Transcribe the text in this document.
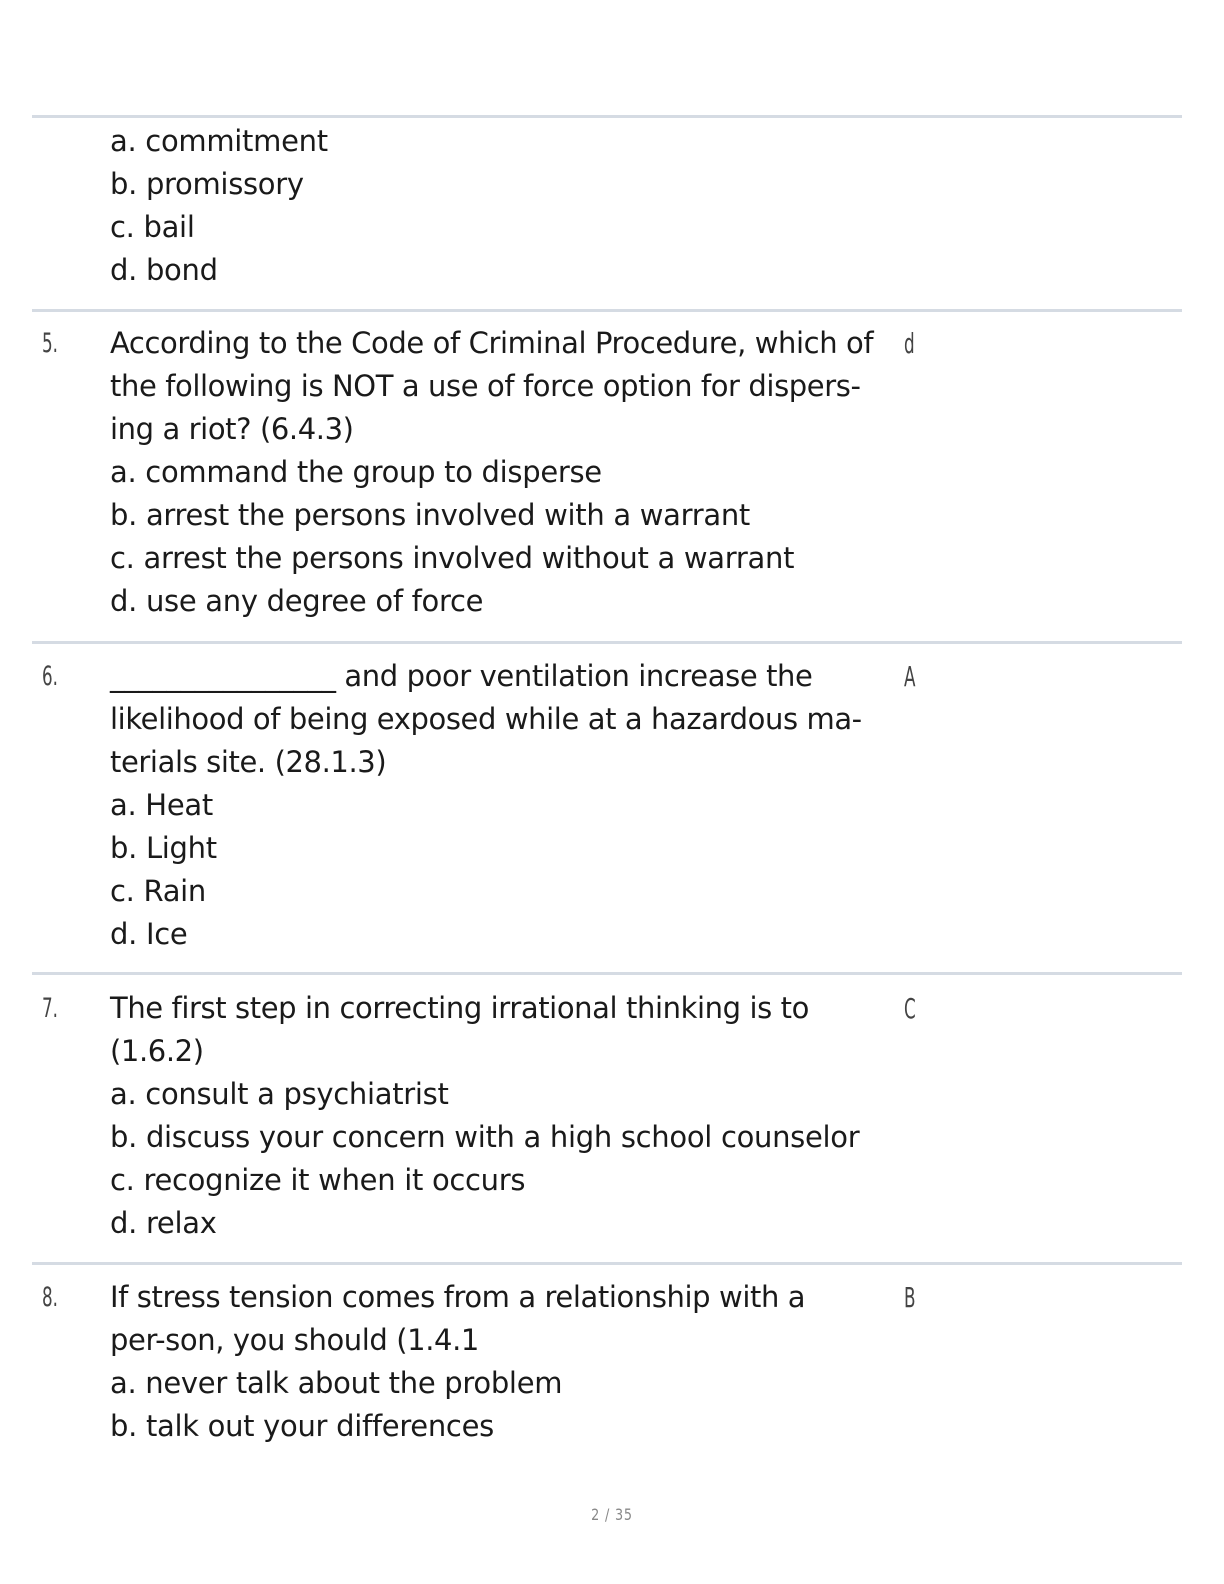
a. commitment
b. promissory
c. bail
d. bond
5. According to the Code of Criminal Procedure, which of
the following is NOT a use of force option for dispers-
ing a riot? (6.4.3)
a. command the group to disperse
b. arrest the persons involved with a warrant
c. arrest the persons involved without a warrant
d. use any degree of force
d
6. ________________ and poor ventilation increase the
likelihood of being exposed while at a hazardous ma-
terials site. (28.1.3)
a. Heat
b. Light
c. Rain
d. Ice
A
7. The first step in correcting irrational thinking is to
(1.6.2)
a. consult a psychiatrist
b. discuss your concern with a high school counselor
c. recognize it when it occurs
d. relax
C
8. If stress tension comes from a relationship with a
per-son, you should (1.4.1
a. never talk about the problem
b. talk out your differences
B
2 / 35
